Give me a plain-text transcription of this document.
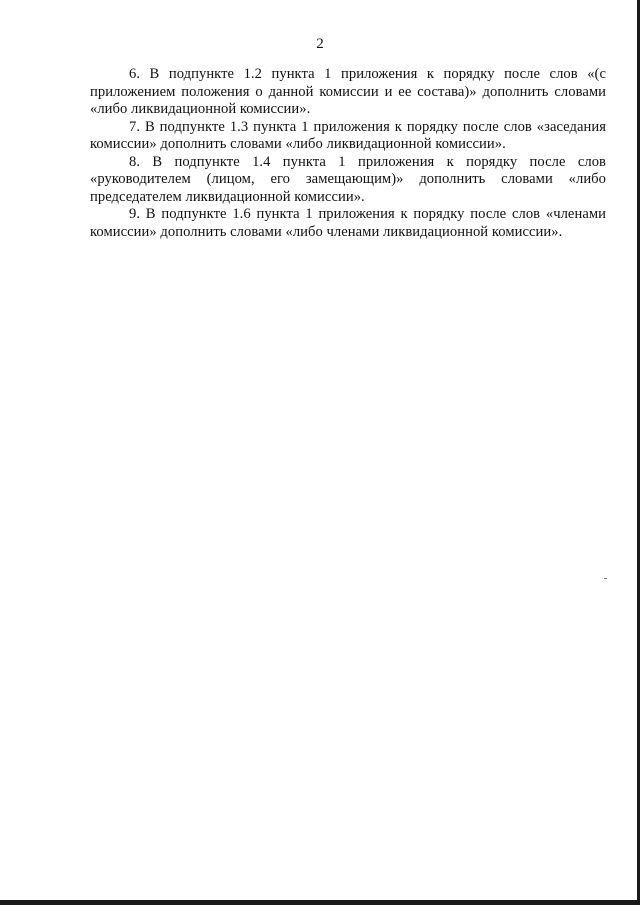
2

6. В подпункте 1.2 пункта 1 приложения к порядку после слов «(с приложением положения о данной комиссии и ее состава)» дополнить словами «либо ликвидационной комиссии».

7. В подпункте 1.3 пункта 1 приложения к порядку после слов «заседания комиссии» дополнить словами «либо ликвидационной комиссии».

8. В подпункте 1.4 пункта 1 приложения к порядку после слов «руководителем (лицом, его замещающим)» дополнить словами «либо председателем ликвидационной комиссии».

9. В подпункте 1.6 пункта 1 приложения к порядку после слов «членами комиссии» дополнить словами «либо членами ликвидационной комиссии».
